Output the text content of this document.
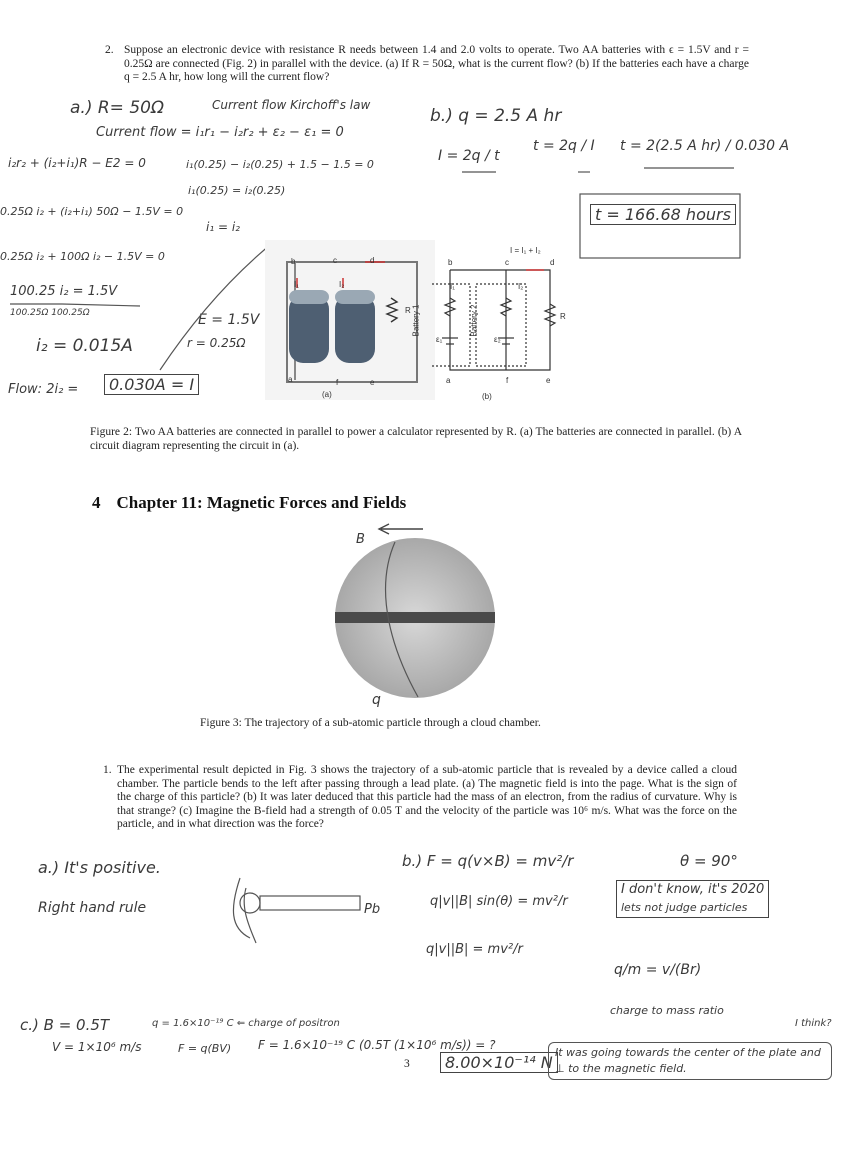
2. Suppose an electronic device with resistance R needs between 1.4 and 2.0 volts to operate. Two AA batteries with ϵ = 1.5V and r = 0.25Ω are connected (Fig. 2) in parallel with the device. (a) If R = 50Ω, what is the current flow? (b) If the batteries each have a charge q = 2.5 A hr, how long will the current flow?
a.) R= 50Ω	Current flow Kirchoff's law
Current flow = i₁r₁ − i₂r₂ + ε₂ − ε₁ = 0
i₂r₂ + (i₂+i₁)R − E2 = 0	i₁(0.25) − i₂(0.25) + 1.5 − 1.5 = 0
i₁(0.25) = i₂(0.25)
i₁ = i₂
0.25Ω i₂ + (i₂+i₁) 50Ω − 1.5V = 0
0.25Ω i₂ + 100Ω i₂ − 1.5V = 0
100.25 i₂ = 1.5V
100.25Ω 100.25Ω
i₂ = 0.015A
E = 1.5V
r = 0.25Ω
Flow: 2i₂ =	0.030A = I
b.) q = 2.5 A hr
I = 2q / t
t = 2q / I t = 2(2.5 A hr) / 0.030 A
t = 166.68 hours
b	c	d
I₁	I₂
R
a	f	e
(a)
I = I₁ + I₂
b	c	d
Battery 1	Battery 2
ε₁	ε₂
I₁	I₂
R
a	f	e
(b)
Figure 2: Two AA batteries are connected in parallel to power a calculator represented by R. (a) The batteries are connected in parallel. (b) A circuit diagram representing the circuit in (a).
4 Chapter 11: Magnetic Forces and Fields
B
q
Figure 3: The trajectory of a sub-atomic particle through a cloud chamber.
1. The experimental result depicted in Fig. 3 shows the trajectory of a sub-atomic particle that is revealed by a device called a cloud chamber. The particle bends to the left after passing through a lead plate. (a) The magnetic field is into the page. What is the sign of the charge of this particle? (b) It was later deduced that this particle had the mass of an electron, from the radius of curvature. Why is that strange? (c) Imagine the B-field had a strength of 0.05 T and the velocity of the particle was 10⁶ m/s. What was the force on the particle, and in what direction was the force?
a.) It's positive.
Right hand rule	Pb
b.) F = q(v×B) = mv²/r	θ = 90°
q|v||B| sin(θ) = mv²/r
I don't know, it's 2020
lets not judge particles
q|v||B| = mv²/r
q/m = v/(Br)
charge to mass ratio
I think?
c.) B = 0.5T
V = 1×10⁶ m/s
q = 1.6×10⁻¹⁹ C ⇐ charge of positron
F = q(BV) F = 1.6×10⁻¹⁹ C (0.5T (1×10⁶ m/s)) = ?
3	8.00×10⁻¹⁴ N
It was going towards the center of the plate and ⊥ to the magnetic field.
